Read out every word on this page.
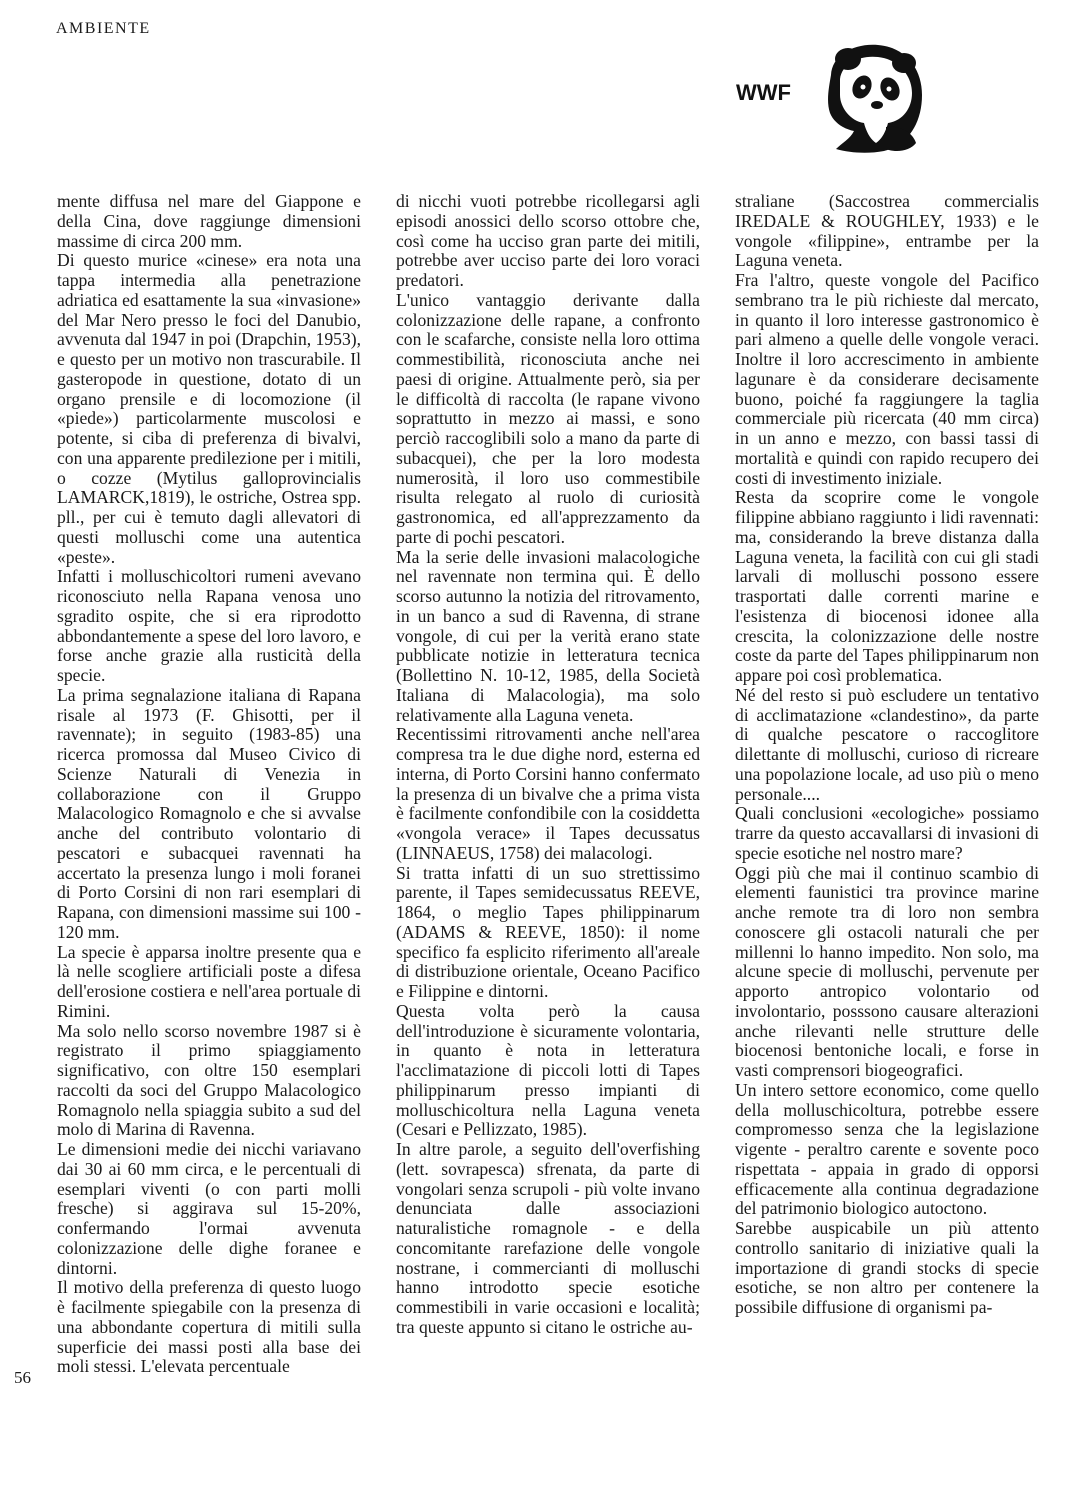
AMBIENTE
WWF

mente diffusa nel mare del Giappone e della Cina, dove raggiunge dimensioni massime di circa 200 mm.

Di questo murice «cinese» era nota una tappa intermedia alla penetrazione adriatica ed esattamente la sua «invasione» del Mar Nero presso le foci del Danubio, avvenuta dal 1947 in poi (Drapchin, 1953), e questo per un motivo non trascurabile. Il gasteropode in questione, dotato di un organo prensile e di locomozione (il «piede») particolarmente muscolosi e potente, si ciba di preferenza di bivalvi, con una apparente predilezione per i mitili, o cozze (Mytilus galloprovincialis LAMARCK,1819), le ostriche, Ostrea spp. pll., per cui è temuto dagli allevatori di questi molluschi come una autentica «peste».

Infatti i molluschicoltori rumeni avevano riconosciuto nella Rapana venosa uno sgradito ospite, che si era riprodotto abbondantemente a spese del loro lavoro, e forse anche grazie alla rusticità della specie.

La prima segnalazione italiana di Rapana risale al 1973 (F. Ghisotti, per il ravennate); in seguito (1983-85) una ricerca promossa dal Museo Civico di Scienze Naturali di Venezia in collaborazione con il Gruppo Malacologico Romagnolo e che si avvalse anche del contributo volontario di pescatori e subacquei ravennati ha accertato la presenza lungo i moli foranei di Porto Corsini di non rari esemplari di Rapana, con dimensioni massime sui 100 - 120 mm.

La specie è apparsa inoltre presente qua e là nelle scogliere artificiali poste a difesa dell'erosione costiera e nell'area portuale di Rimini.

Ma solo nello scorso novembre 1987 si è registrato il primo spiaggiamento significativo, con oltre 150 esemplari raccolti da soci del Gruppo Malacologico Romagnolo nella spiaggia subito a sud del molo di Marina di Ravenna.

Le dimensioni medie dei nicchi variavano dai 30 ai 60 mm circa, e le percentuali di esemplari viventi (o con parti molli fresche) si aggirava sul 15-20%, confermando l'ormai avvenuta colonizzazione delle dighe foranee e dintorni.

Il motivo della preferenza di questo luogo è facilmente spiegabile con la presenza di una abbondante copertura di mitili sulla superficie dei massi posti alla base dei moli stessi. L'elevata percentuale

di nicchi vuoti potrebbe ricollegarsi agli episodi anossici dello scorso ottobre che, così come ha ucciso gran parte dei mitili, potrebbe aver ucciso parte dei loro voraci predatori.

L'unico vantaggio derivante dalla colonizzazione delle rapane, a confronto con le scafarche, consiste nella loro ottima commestibilità, riconosciuta anche nei paesi di origine. Attualmente però, sia per le difficoltà di raccolta (le rapane vivono soprattutto in mezzo ai massi, e sono perciò raccoglibili solo a mano da parte di subacquei), che per la loro modesta numerosità, il loro uso commestibile risulta relegato al ruolo di curiosità gastronomica, ed all'apprezzamento da parte di pochi pescatori.

Ma la serie delle invasioni malacologiche nel ravennate non termina qui. È dello scorso autunno la notizia del ritrovamento, in un banco a sud di Ravenna, di strane vongole, di cui per la verità erano state pubblicate notizie in letteratura tecnica (Bollettino N. 10-12, 1985, della Società Italiana di Malacologia), ma solo relativamente alla Laguna veneta.

Recentissimi ritrovamenti anche nell'area compresa tra le due dighe nord, esterna ed interna, di Porto Corsini hanno confermato la presenza di un bivalve che a prima vista è facilmente confondibile con la cosiddetta «vongola verace» il Tapes decussatus (LINNAEUS, 1758) dei malacologi.

Si tratta infatti di un suo strettissimo parente, il Tapes semidecussatus REEVE, 1864, o meglio Tapes philippinarum (ADAMS & REEVE, 1850): il nome specifico fa esplicito riferimento all'areale di distribuzione orientale, Oceano Pacifico e Filippine e dintorni.

Questa volta però la causa dell'introduzione è sicuramente volontaria, in quanto è nota in letteratura l'acclimatazione di piccoli lotti di Tapes philippinarum presso impianti di molluschicoltura nella Laguna veneta (Cesari e Pellizzato, 1985).

In altre parole, a seguito dell'overfishing (lett. sovrapesca) sfrenata, da parte di vongolari senza scrupoli - più volte invano denunciata dalle associazioni naturalistiche romagnole - e della concomitante rarefazione delle vongole nostrane, i commercianti di molluschi hanno introdotto specie esotiche commestibili in varie occasioni e località; tra queste appunto si citano le ostriche au-

straliane (Saccostrea commercialis IREDALE & ROUGHLEY, 1933) e le vongole «filippine», entrambe per la Laguna veneta.

Fra l'altro, queste vongole del Pacifico sembrano tra le più richieste dal mercato, in quanto il loro interesse gastronomico è pari almeno a quelle delle vongole veraci. Inoltre il loro accrescimento in ambiente lagunare è da considerare decisamente buono, poiché fa raggiungere la taglia commerciale più ricercata (40 mm circa) in un anno e mezzo, con bassi tassi di mortalità e quindi con rapido recupero dei costi di investimento iniziale.

Resta da scoprire come le vongole filippine abbiano raggiunto i lidi ravennati: ma, considerando la breve distanza dalla Laguna veneta, la facilità con cui gli stadi larvali di molluschi possono essere trasportati dalle correnti marine e l'esistenza di biocenosi idonee alla crescita, la colonizzazione delle nostre coste da parte del Tapes philippinarum non appare poi così problematica.

Né del resto si può escludere un tentativo di acclimatazione «clandestino», da parte di qualche pescatore o raccoglitore dilettante di molluschi, curioso di ricreare una popolazione locale, ad uso più o meno personale....

Quali conclusioni «ecologiche» possiamo trarre da questo accavallarsi di invasioni di specie esotiche nel nostro mare?

Oggi più che mai il continuo scambio di elementi faunistici tra province marine anche remote tra di loro non sembra conoscere gli ostacoli naturali che per millenni lo hanno impedito. Non solo, ma alcune specie di molluschi, pervenute per apporto antropico volontario od involontario, posssono causare alterazioni anche rilevanti nelle strutture delle biocenosi bentoniche locali, e forse in vasti comprensori biogeografici.

Un intero settore economico, come quello della molluschicoltura, potrebbe essere compromesso senza che la legislazione vigente - peraltro carente e sovente poco rispettata - appaia in grado di opporsi efficacemente alla continua degradazione del patrimonio biologico autoctono.

Sarebbe auspicabile un più attento controllo sanitario di iniziative quali la importazione di grandi stocks di specie esotiche, se non altro per contenere la possibile diffusione di organismi pa-

56
